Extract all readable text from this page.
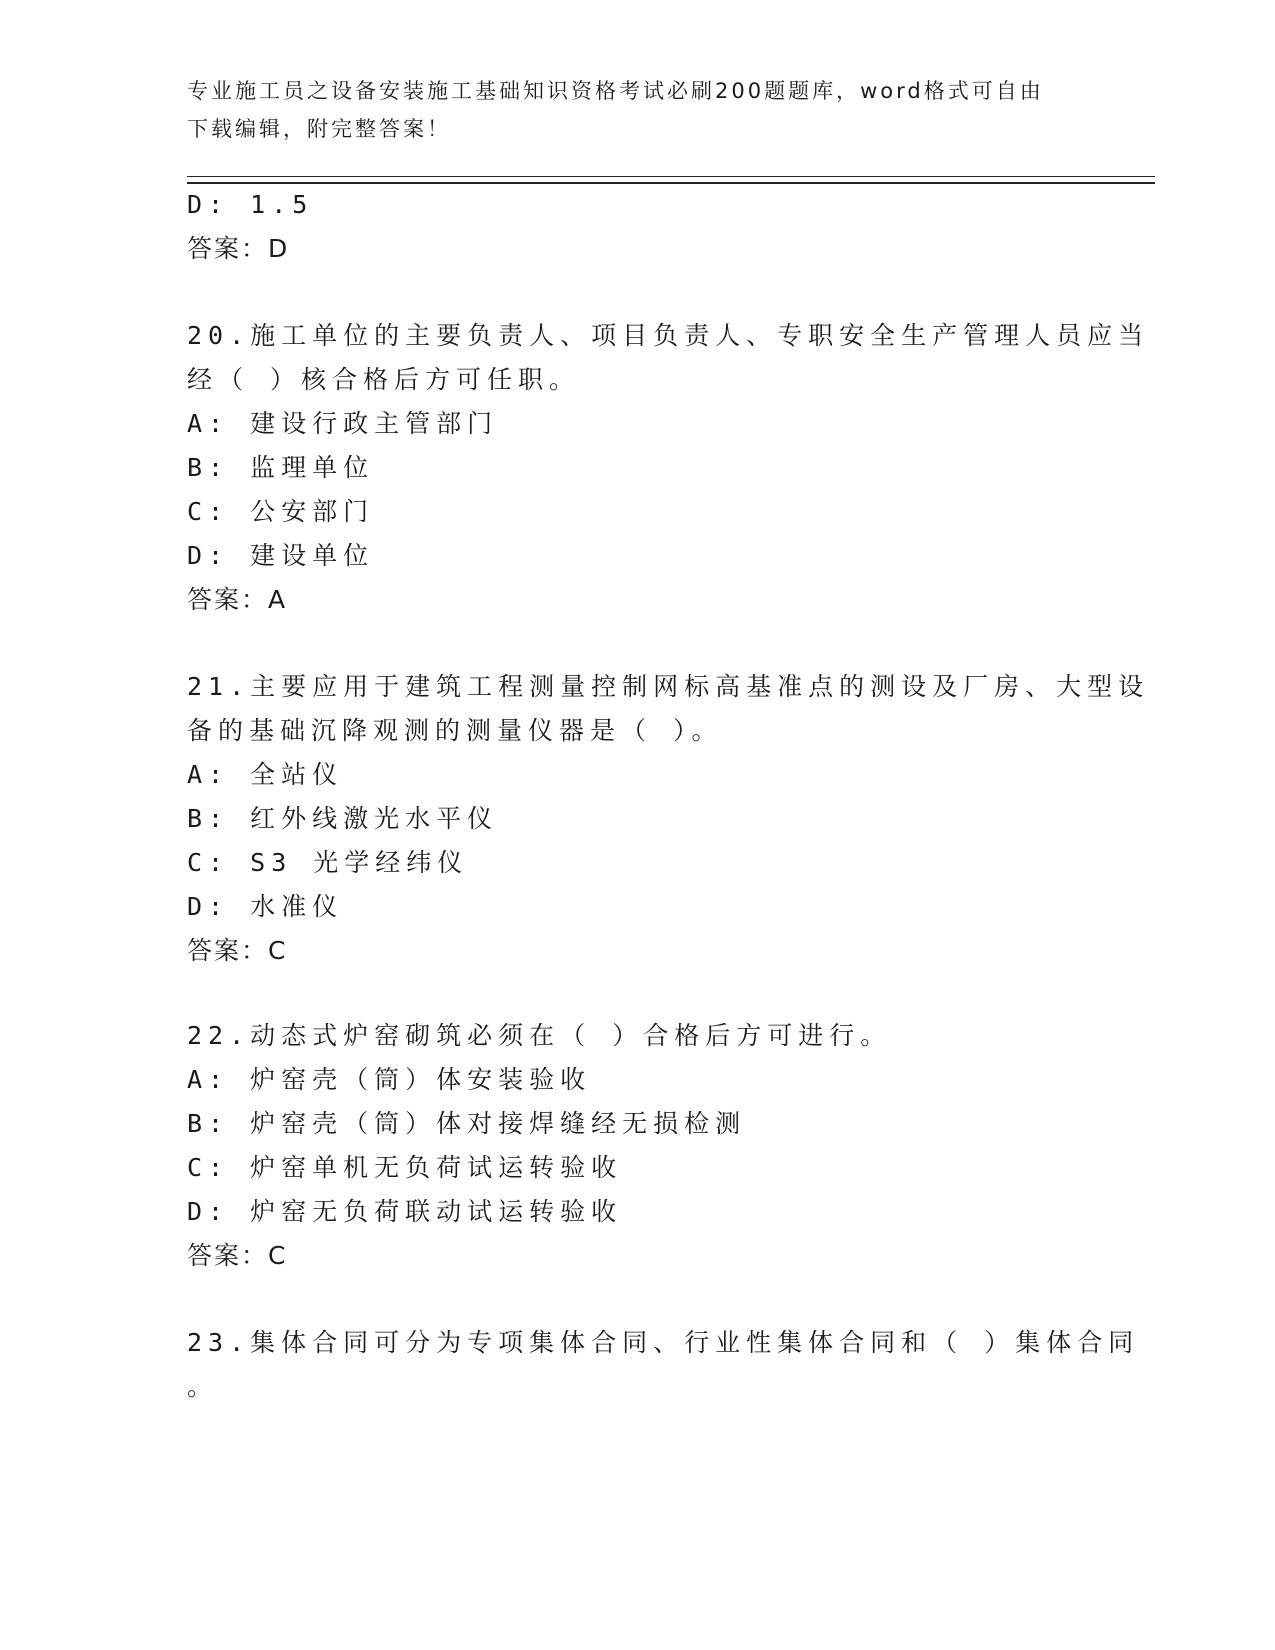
专业施工员之设备安装施工基础知识资格考试必刷200题题库，word格式可自由
下载编辑，附完整答案！
D: 1.5
答案：D
20.施工单位的主要负责人、项目负责人、专职安全生产管理人员应当
经（ ）核合格后方可任职。
A: 建设行政主管部门
B: 监理单位
C: 公安部门
D: 建设单位
答案：A
21.主要应用于建筑工程测量控制网标高基准点的测设及厂房、大型设
备的基础沉降观测的测量仪器是（ ）。
A: 全站仪
B: 红外线激光水平仪
C: S3 光学经纬仪
D: 水准仪
答案：C
22.动态式炉窑砌筑必须在（ ）合格后方可进行。
A: 炉窑壳（筒）体安装验收
B: 炉窑壳（筒）体对接焊缝经无损检测
C: 炉窑单机无负荷试运转验收
D: 炉窑无负荷联动试运转验收
答案：C
23.集体合同可分为专项集体合同、行业性集体合同和（ ）集体合同
。
